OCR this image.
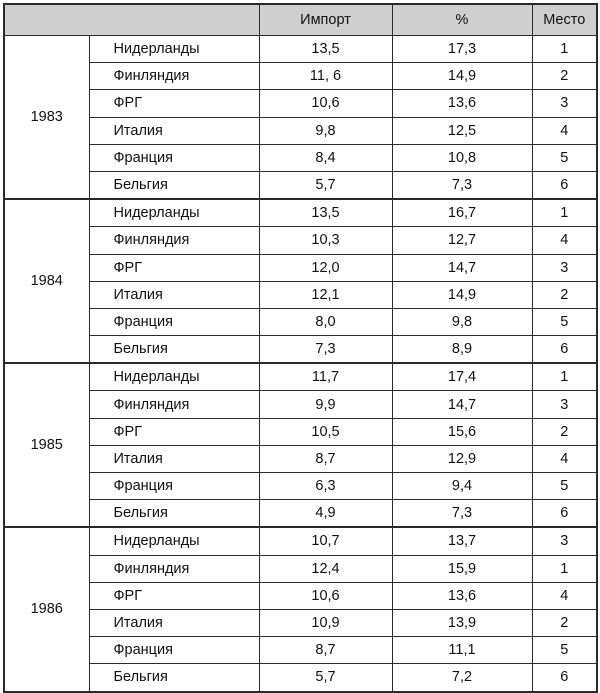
		Импорт	%	Место
1983	Нидерланды	13,5	17,3	1
	Финляндия	11, 6	14,9	2
	ФРГ	10,6	13,6	3
	Италия	9,8	12,5	4
	Франция	8,4	10,8	5
	Бельгия	5,7	7,3	6
1984	Нидерланды	13,5	16,7	1
	Финляндия	10,3	12,7	4
	ФРГ	12,0	14,7	3
	Италия	12,1	14,9	2
	Франция	8,0	9,8	5
	Бельгия	7,3	8,9	6
1985	Нидерланды	11,7	17,4	1
	Финляндия	9,9	14,7	3
	ФРГ	10,5	15,6	2
	Италия	8,7	12,9	4
	Франция	6,3	9,4	5
	Бельгия	4,9	7,3	6
1986	Нидерланды	10,7	13,7	3
	Финляндия	12,4	15,9	1
	ФРГ	10,6	13,6	4
	Италия	10,9	13,9	2
	Франция	8,7	11,1	5
	Бельгия	5,7	7,2	6
